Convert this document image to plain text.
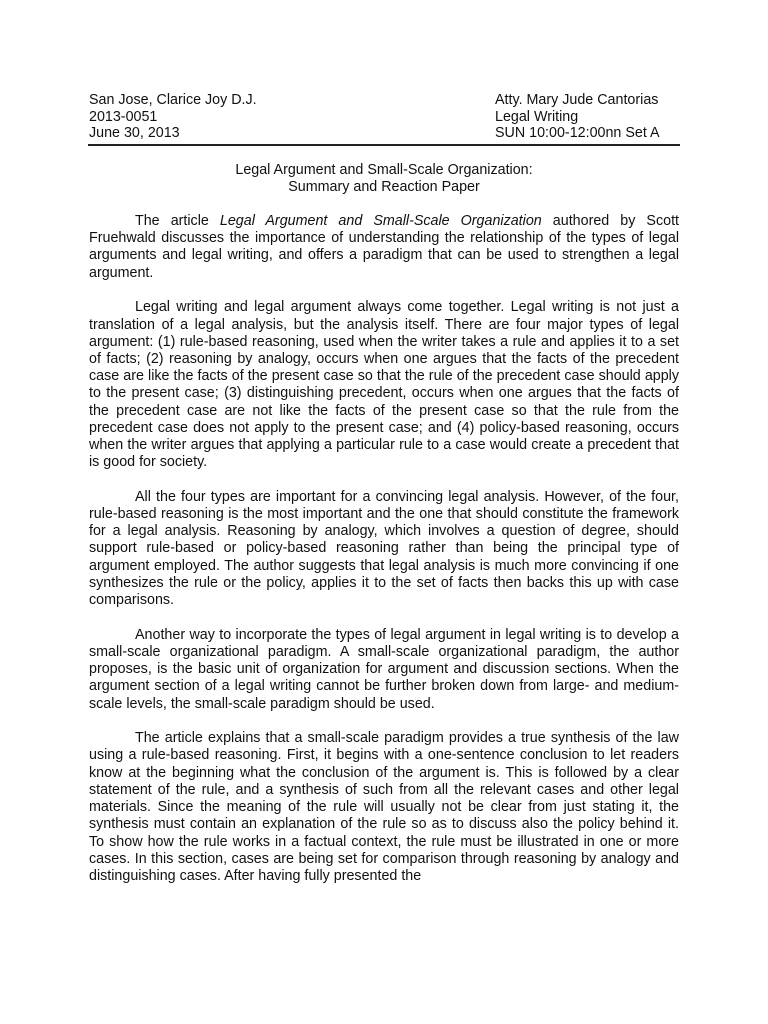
San Jose, Clarice Joy D.J.
2013-0051
June 30, 2013
Atty. Mary Jude Cantorias
Legal Writing
SUN 10:00-12:00nn Set A
Legal Argument and Small-Scale Organization:
Summary and Reaction Paper

The article Legal Argument and Small-Scale Organization authored by Scott Fruehwald discusses the importance of understanding the relationship of the types of legal arguments and legal writing, and offers a paradigm that can be used to strengthen a legal argument.

Legal writing and legal argument always come together. Legal writing is not just a translation of a legal analysis, but the analysis itself. There are four major types of legal argument: (1) rule-based reasoning, used when the writer takes a rule and applies it to a set of facts; (2) reasoning by analogy, occurs when one argues that the facts of the precedent case are like the facts of the present case so that the rule of the precedent case should apply to the present case; (3) distinguishing precedent, occurs when one argues that the facts of the precedent case are not like the facts of the present case so that the rule from the precedent case does not apply to the present case; and (4) policy-based reasoning, occurs when the writer argues that applying a particular rule to a case would create a precedent that is good for society.

All the four types are important for a convincing legal analysis. However, of the four, rule-based reasoning is the most important and the one that should constitute the framework for a legal analysis. Reasoning by analogy, which involves a question of degree, should support rule-based or policy-based reasoning rather than being the principal type of argument employed. The author suggests that legal analysis is much more convincing if one synthesizes the rule or the policy, applies it to the set of facts then backs this up with case comparisons.

Another way to incorporate the types of legal argument in legal writing is to develop a small-scale organizational paradigm. A small-scale organizational paradigm, the author proposes, is the basic unit of organization for argument and discussion sections. When the argument section of a legal writing cannot be further broken down from large- and medium- scale levels, the small-scale paradigm should be used.

The article explains that a small-scale paradigm provides a true synthesis of the law using a rule-based reasoning. First, it begins with a one-sentence conclusion to let readers know at the beginning what the conclusion of the argument is. This is followed by a clear statement of the rule, and a synthesis of such from all the relevant cases and other legal materials. Since the meaning of the rule will usually not be clear from just stating it, the synthesis must contain an explanation of the rule so as to discuss also the policy behind it. To show how the rule works in a factual context, the rule must be illustrated in one or more cases. In this section, cases are being set for comparison through reasoning by analogy and distinguishing cases. After having fully presented the
